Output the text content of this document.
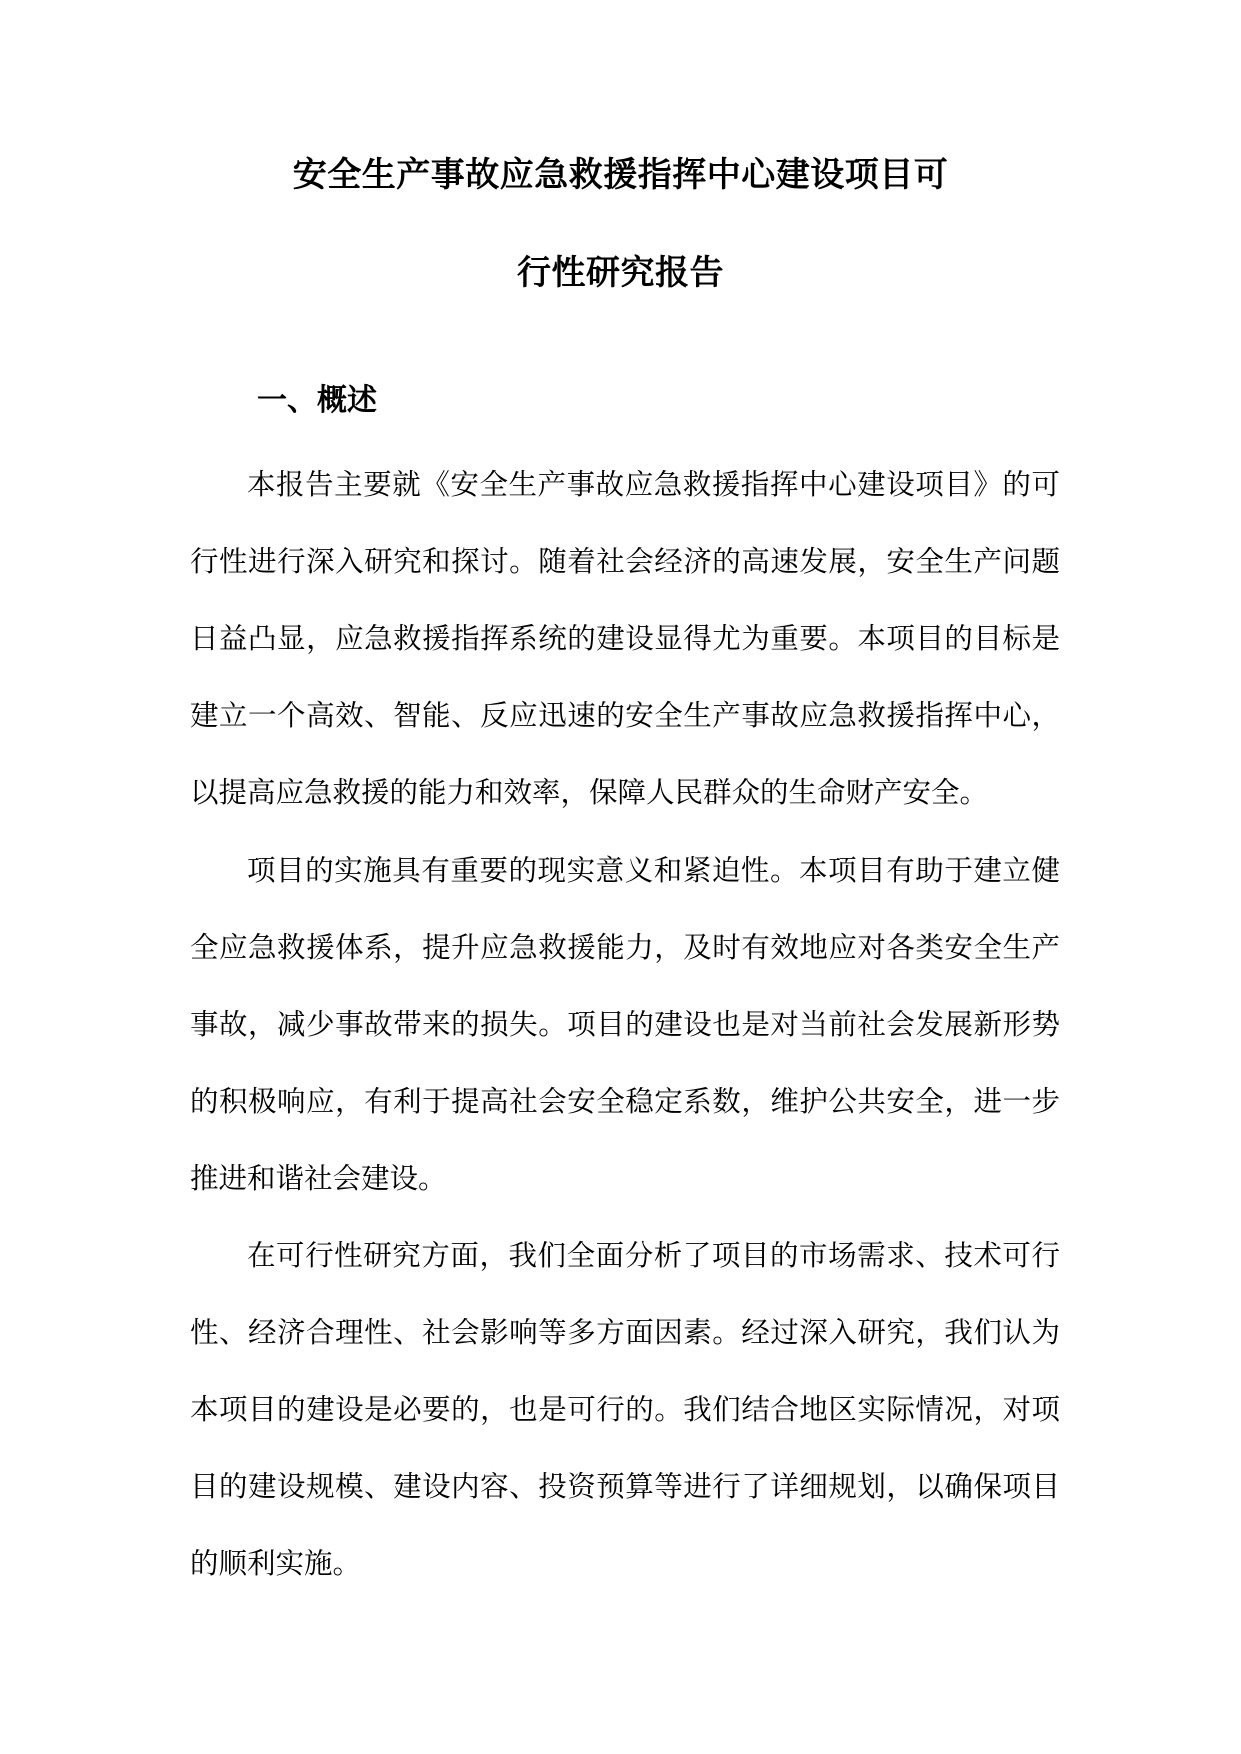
安全生产事故应急救援指挥中心建设项目可
行性研究报告
一、概述

本报告主要就《安全生产事故应急救援指挥中心建设项目》的可行性进行深入研究和探讨。随着社会经济的高速发展，安全生产问题日益凸显，应急救援指挥系统的建设显得尤为重要。本项目的目标是建立一个高效、智能、反应迅速的安全生产事故应急救援指挥中心，以提高应急救援的能力和效率，保障人民群众的生命财产安全。

项目的实施具有重要的现实意义和紧迫性。本项目有助于建立健全应急救援体系，提升应急救援能力，及时有效地应对各类安全生产事故，减少事故带来的损失。项目的建设也是对当前社会发展新形势的积极响应，有利于提高社会安全稳定系数，维护公共安全，进一步推进和谐社会建设。

在可行性研究方面，我们全面分析了项目的市场需求、技术可行性、经济合理性、社会影响等多方面因素。经过深入研究，我们认为本项目的建设是必要的，也是可行的。我们结合地区实际情况，对项目的建设规模、建设内容、投资预算等进行了详细规划，以确保项目的顺利实施。
